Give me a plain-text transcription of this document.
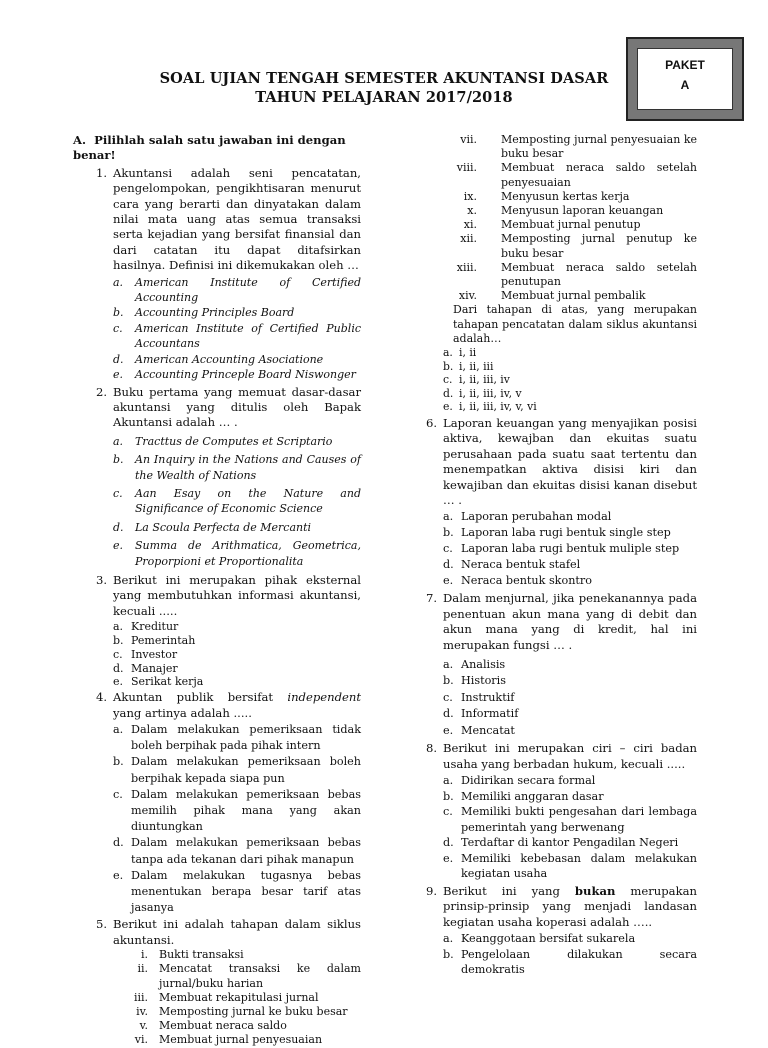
PAKET
A
SOAL UJIAN TENGAH SEMESTER AKUNTANSI DASAR
TAHUN PELAJARAN 2017/2018

A.  Pilihlah salah satu jawaban ini dengan benar!

1. Akuntansi adalah seni pencatatan, pengelompokan, pengikhtisaran menurut cara yang berarti dan dinyatakan dalam nilai mata uang atas semua transaksi serta kejadian yang bersifat finansial dan dari catatan itu dapat ditafsirkan hasilnya. Definisi ini dikemukakan oleh …

a. American Institute of Certified Accounting
b. Accounting Principles Board
c. American Institute of Certified Public Accountans
d. American Accounting Asociatione
e. Accounting Princeple Board Niswonger

2. Buku pertama yang memuat dasar-dasar akuntansi yang ditulis oleh Bapak Akuntansi adalah … .

a. Tracttus de Computes et Scriptario
b. An Inquiry in the Nations and Causes of the Wealth of Nations
c. Aan Esay on the Nature and Significance of Economic Science
d. La Scoula Perfecta de Mercanti
e. Summa de Arithmatica, Geometrica, Proporpioni et Proportionalita

3. Berikut ini merupakan pihak eksternal yang membutuhkan informasi akuntansi, kecuali .....

a. Kreditur
b. Pemerintah
c. Investor
d. Manajer
e. Serikat kerja

4. Akuntan publik bersifat independent yang artinya adalah .....

a. Dalam melakukan pemeriksaan tidak boleh berpihak pada pihak intern
b. Dalam melakukan pemeriksaan boleh berpihak kepada siapa pun
c. Dalam melakukan pemeriksaan bebas memilih pihak mana yang akan diuntungkan
d. Dalam melakukan pemeriksaan bebas tanpa ada tekanan dari pihak manapun
e. Dalam melakukan tugasnya bebas menentukan berapa besar tarif atas jasanya

5. Berikut ini adalah tahapan dalam siklus akuntansi.

i. Bukti transaksi
ii. Mencatat transaksi ke dalam jurnal/buku harian
iii. Membuat rekapitulasi jurnal
iv. Memposting jurnal ke buku besar
v. Membuat neraca saldo
vi. Membuat jurnal penyesuaian
vii. Memposting jurnal penyesuaian ke buku besar
viii. Membuat neraca saldo setelah penyesuaian
ix. Menyusun kertas kerja
x. Menyusun laporan keuangan
xi. Membuat jurnal penutup
xii. Memposting jurnal penutup ke buku besar
xiii. Membuat neraca saldo setelah penutupan
xiv. Membuat jurnal pembalik

Dari tahapan di atas, yang merupakan tahapan pencatatan dalam siklus akuntansi adalah…

a. i, ii
b. i, ii, iii
c. i, ii, iii, iv
d. i, ii, iii, iv, v
e. i, ii, iii, iv, v, vi

6. Laporan keuangan yang menyajikan posisi aktiva, kewajban dan ekuitas suatu perusahaan pada suatu saat tertentu dan menempatkan aktiva disisi kiri dan kewajiban dan ekuitas disisi kanan disebut … .

a. Laporan perubahan modal
b. Laporan laba rugi bentuk single step
c. Laporan laba rugi bentuk muliple step
d. Neraca bentuk stafel
e. Neraca bentuk skontro

7. Dalam menjurnal, jika penekanannya pada penentuan akun mana yang di debit dan akun mana yang di kredit, hal ini merupakan fungsi … .

a. Analisis
b. Historis
c. Instruktif
d. Informatif
e. Mencatat

8. Berikut ini merupakan ciri – ciri badan usaha yang berbadan hukum, kecuali .....

a. Didirikan secara formal
b. Memiliki anggaran dasar
c. Memiliki bukti pengesahan dari lembaga pemerintah yang berwenang
d. Terdaftar di kantor Pengadilan Negeri
e. Memiliki kebebasan dalam melakukan kegiatan usaha

9. Berikut ini yang bukan merupakan prinsip-prinsip yang menjadi landasan kegiatan usaha koperasi adalah …..

a. Keanggotaan bersifat sukarela
b. Pengelolaan dilakukan secara demokratis
